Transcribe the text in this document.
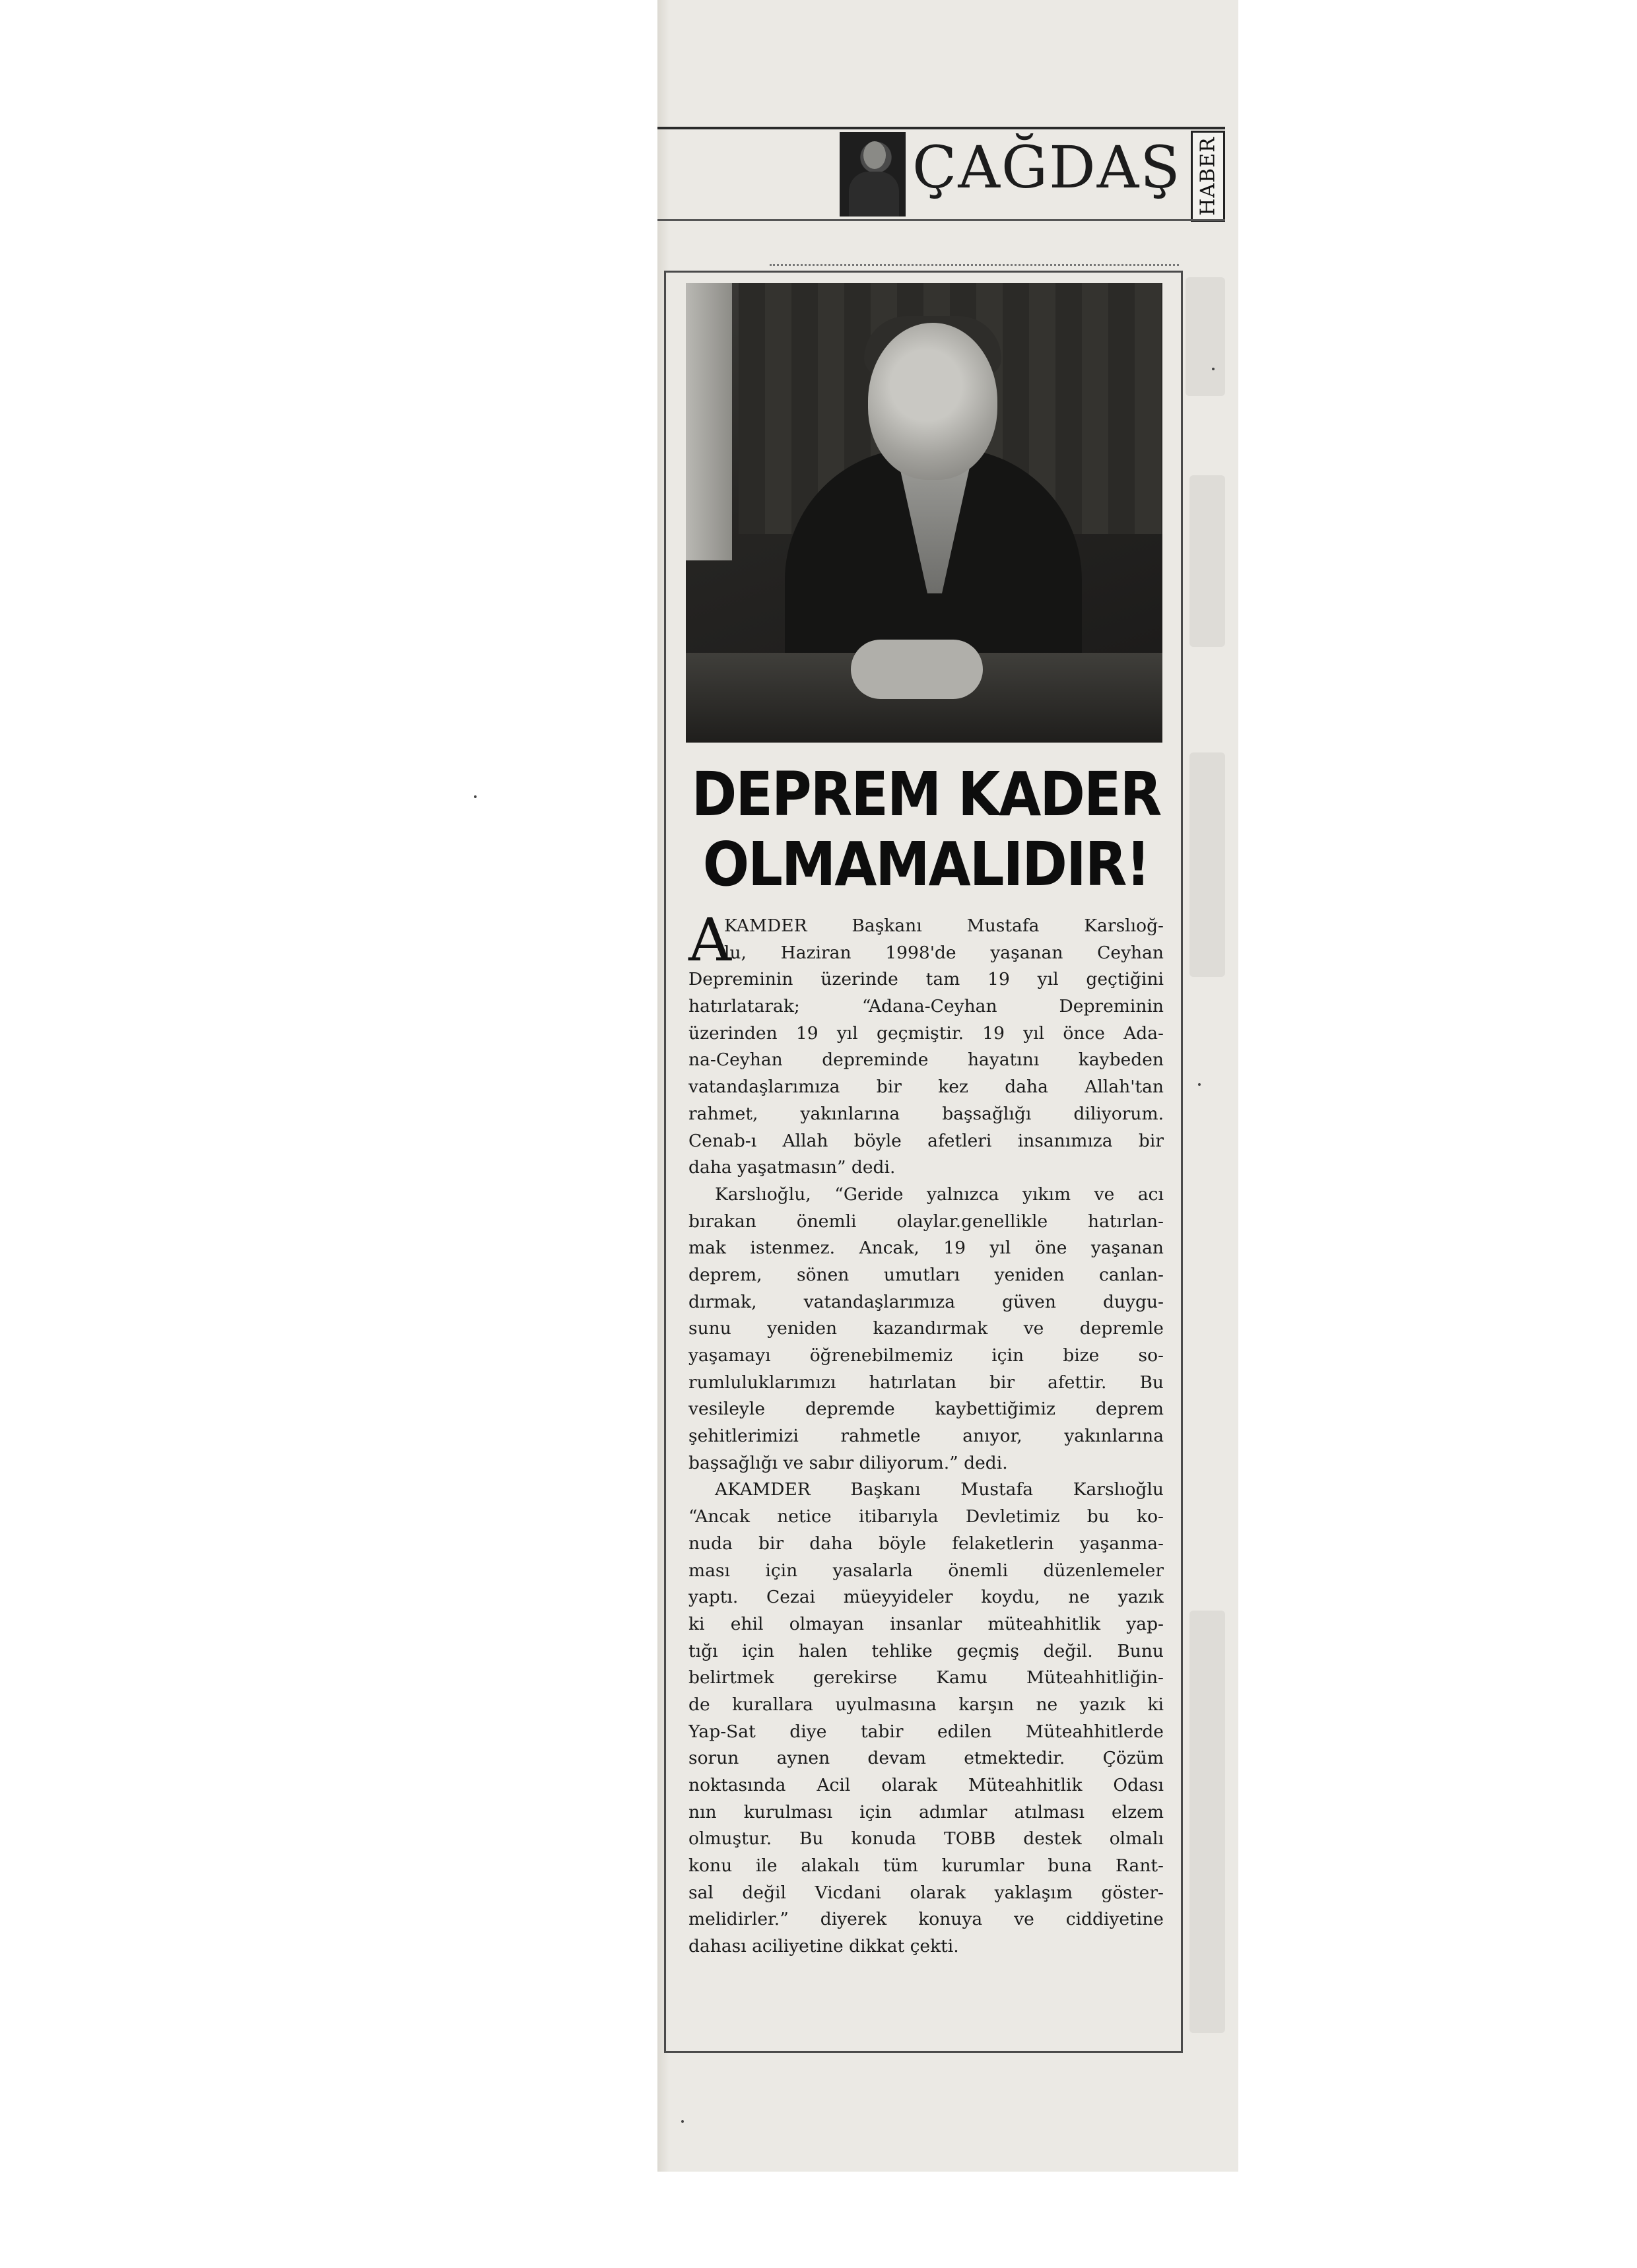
ÇAĞDAŞ HABER
DEPREM KADER
OLMAMALIDIR!
A
KAMDER Başkanı Mustafa Karslıoğ-
lu, Haziran 1998'de yaşanan Ceyhan
Depreminin üzerinde tam 19 yıl geçtiğini
hatırlatarak; “Adana-Ceyhan Depreminin
üzerinden 19 yıl geçmiştir. 19 yıl önce Ada-
na-Ceyhan depreminde hayatını kaybeden
vatandaşlarımıza bir kez daha Allah'tan
rahmet, yakınlarına başsağlığı diliyorum.
Cenab-ı Allah böyle afetleri insanımıza bir
daha yaşatmasın” dedi.
Karslıoğlu, “Geride yalnızca yıkım ve acı
bırakan önemli olaylar.genellikle hatırlan-
mak istenmez. Ancak, 19 yıl öne yaşanan
deprem, sönen umutları yeniden canlan-
dırmak, vatandaşlarımıza güven duygu-
sunu yeniden kazandırmak ve depremle
yaşamayı öğrenebilmemiz için bize so-
rumluluklarımızı hatırlatan bir afettir. Bu
vesileyle depremde kaybettiğimiz deprem
şehitlerimizi rahmetle anıyor, yakınlarına
başsağlığı ve sabır diliyorum.” dedi.
AKAMDER Başkanı Mustafa Karslıoğlu
“Ancak netice itibarıyla Devletimiz bu ko-
nuda bir daha böyle felaketlerin yaşanma-
ması için yasalarla önemli düzenlemeler
yaptı. Cezai müeyyideler koydu, ne yazık
ki ehil olmayan insanlar müteahhitlik yap-
tığı için halen tehlike geçmiş değil. Bunu
belirtmek gerekirse Kamu Müteahhitliğin-
de kurallara uyulmasına karşın ne yazık ki
Yap-Sat diye tabir edilen Müteahhitlerde
sorun aynen devam etmektedir. Çözüm
noktasında Acil olarak Müteahhitlik Odası
nın kurulması için adımlar atılması elzem
olmuştur. Bu konuda TOBB destek olmalı
konu ile alakalı tüm kurumlar buna Rant-
sal değil Vicdani olarak yaklaşım göster-
melidirler.” diyerek konuya ve ciddiyetine
dahası aciliyetine dikkat çekti.
